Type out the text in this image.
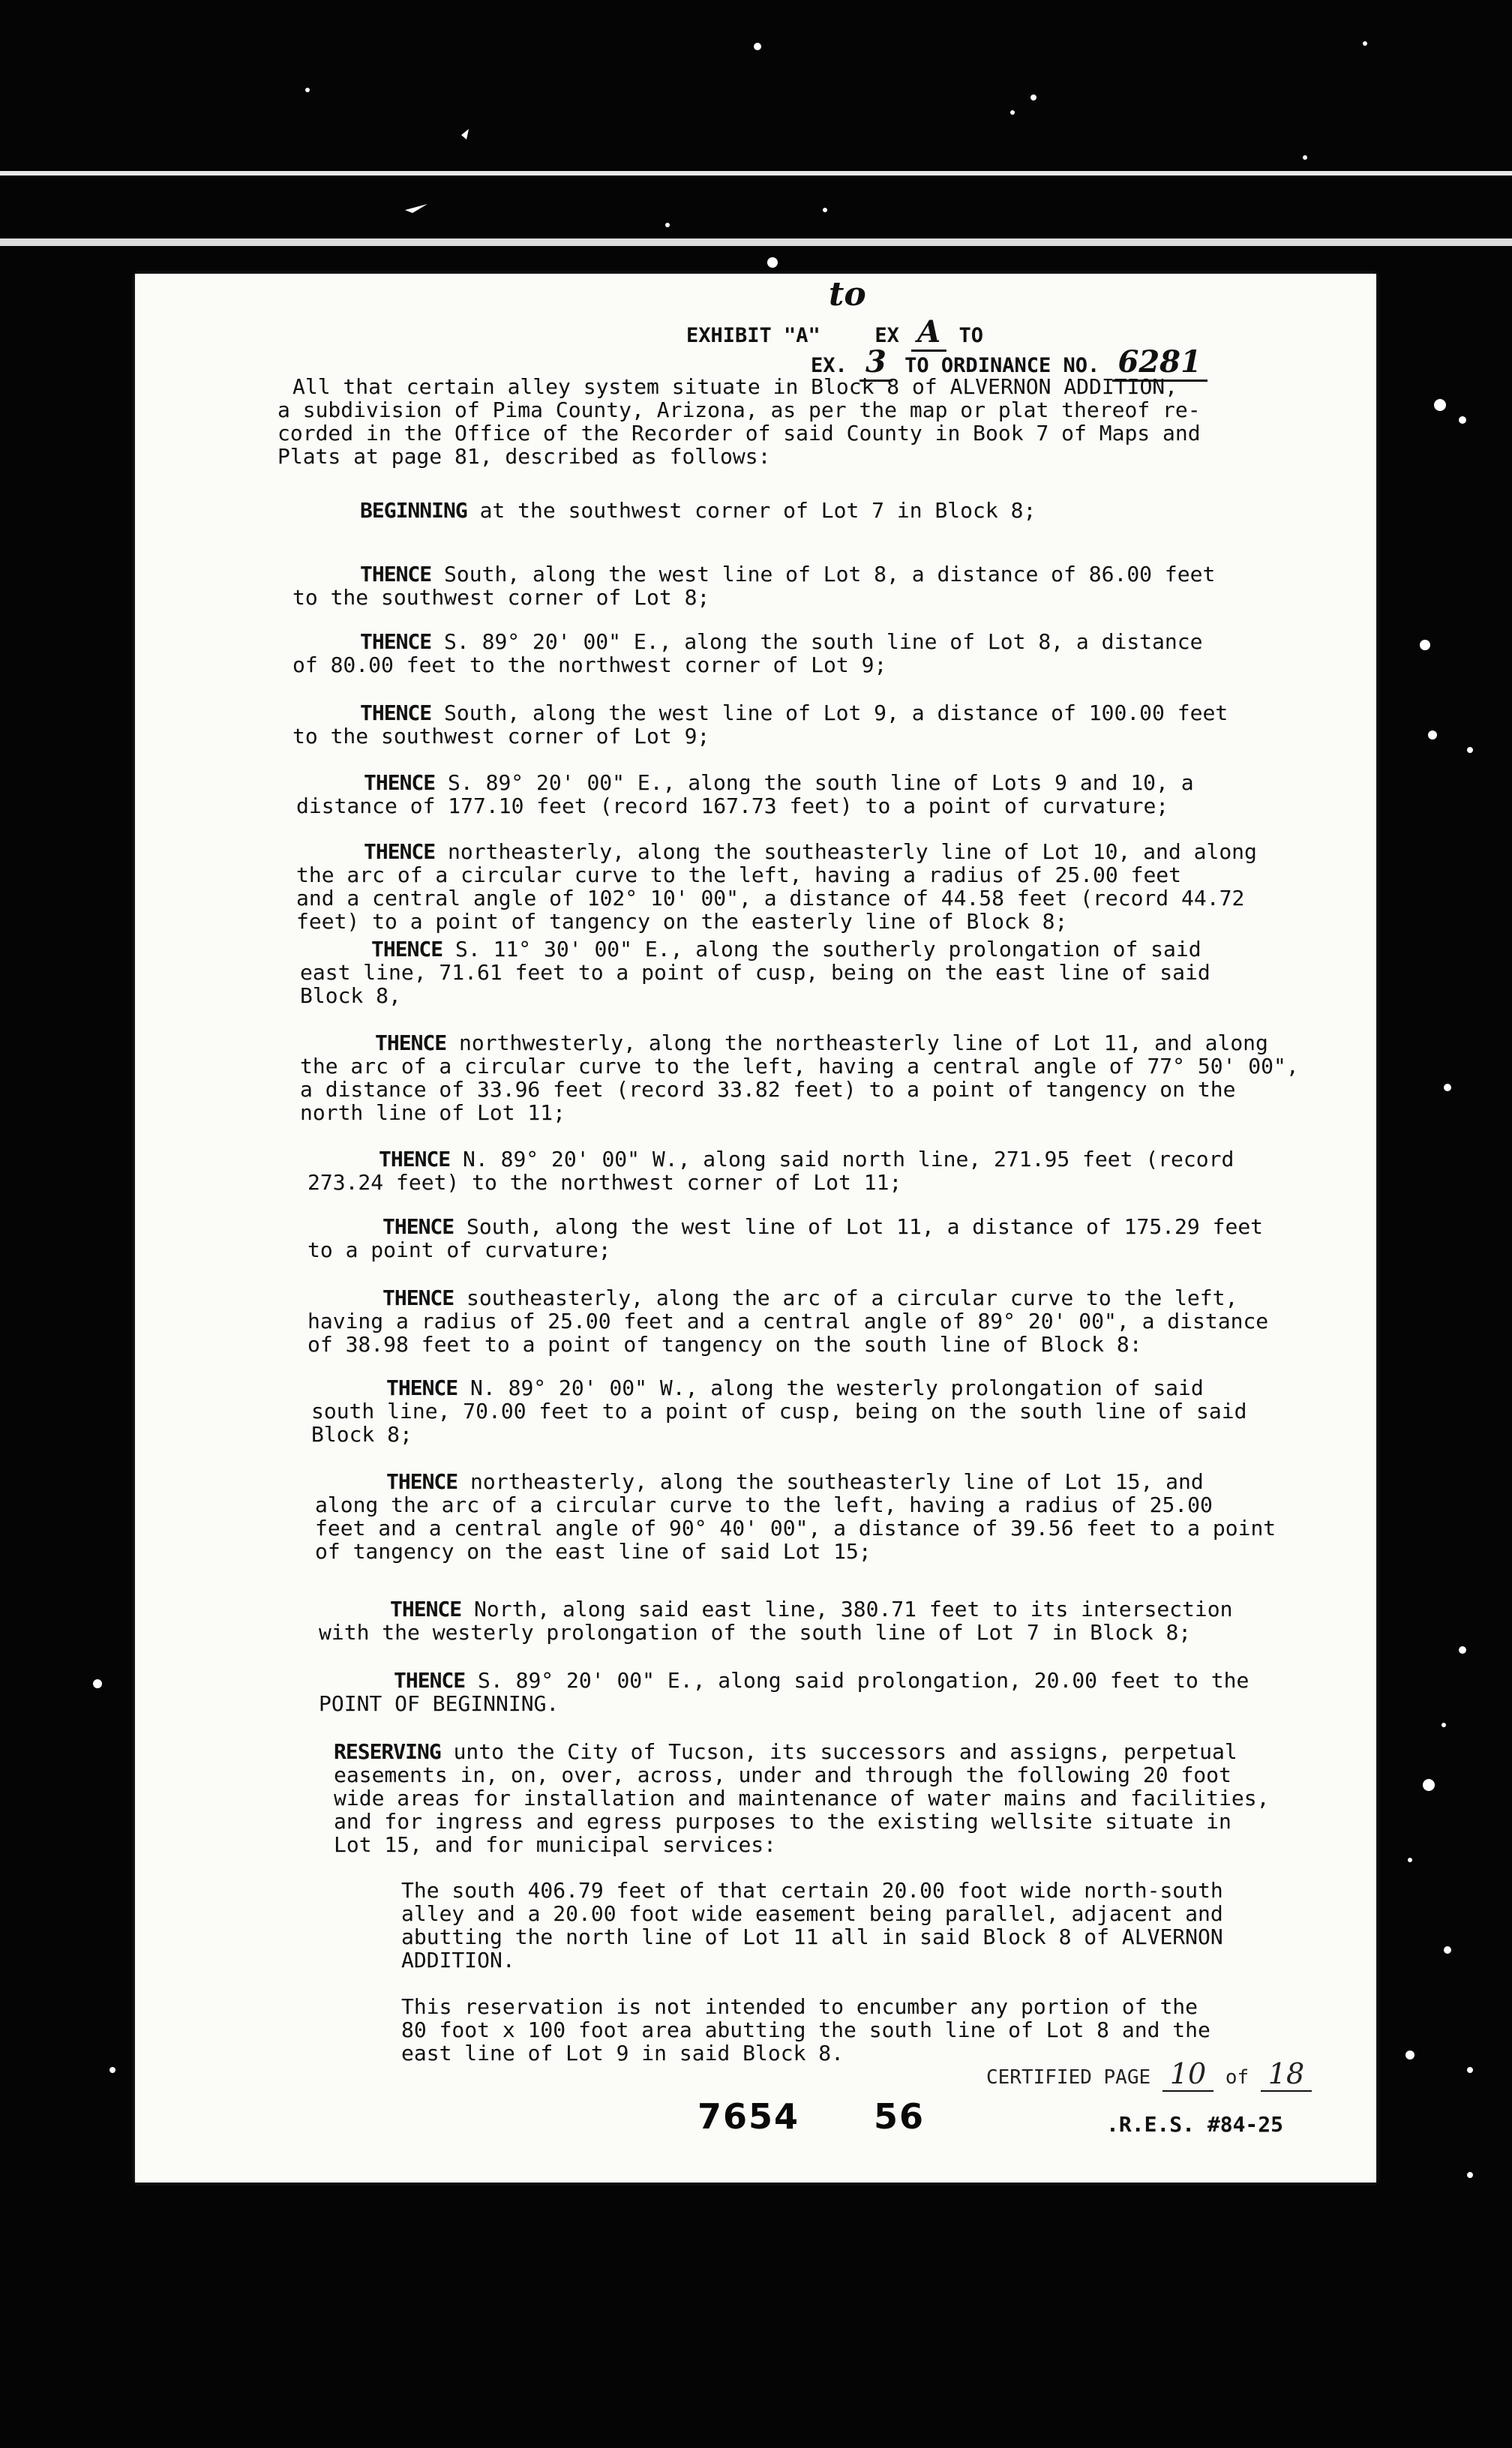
to
EXHIBIT "A"	EX A TO
EX. 3 TO ORDINANCE NO. 6281

All that certain alley system situate in Block 8 of ALVERNON ADDITION,

a subdivision of Pima County, Arizona, as per the map or plat thereof re-

corded in the Office of the Recorder of said County in Book 7 of Maps and

Plats at page 81, described as follows:

BEGINNING at the southwest corner of Lot 7 in Block 8;

THENCE South, along the west line of Lot 8, a distance of 86.00 feet

to the southwest corner of Lot 8;

THENCE S. 89° 20' 00" E., along the south line of Lot 8, a distance

of 80.00 feet to the northwest corner of Lot 9;

THENCE South, along the west line of Lot 9, a distance of 100.00 feet

to the southwest corner of Lot 9;

THENCE S. 89° 20' 00" E., along the south line of Lots 9 and 10, a

distance of 177.10 feet (record 167.73 feet) to a point of curvature;

THENCE northeasterly, along the southeasterly line of Lot 10, and along

the arc of a circular curve to the left, having a radius of 25.00 feet

and a central angle of 102° 10' 00", a distance of 44.58 feet (record 44.72

feet) to a point of tangency on the easterly line of Block 8;

THENCE S. 11° 30' 00" E., along the southerly prolongation of said

east line, 71.61 feet to a point of cusp, being on the east line of said

Block 8,

THENCE northwesterly, along the northeasterly line of Lot 11, and along

the arc of a circular curve to the left, having a central angle of 77° 50' 00",

a distance of 33.96 feet (record 33.82 feet) to a point of tangency on the

north line of Lot 11;

THENCE N. 89° 20' 00" W., along said north line, 271.95 feet (record

273.24 feet) to the northwest corner of Lot 11;

THENCE South, along the west line of Lot 11, a distance of 175.29 feet

to a point of curvature;

THENCE southeasterly, along the arc of a circular curve to the left,

having a radius of 25.00 feet and a central angle of 89° 20' 00", a distance

of 38.98 feet to a point of tangency on the south line of Block 8:

THENCE N. 89° 20' 00" W., along the westerly prolongation of said

south line, 70.00 feet to a point of cusp, being on the south line of said

Block 8;

THENCE northeasterly, along the southeasterly line of Lot 15, and

along the arc of a circular curve to the left, having a radius of 25.00

feet and a central angle of 90° 40' 00", a distance of 39.56 feet to a point

of tangency on the east line of said Lot 15;

THENCE North, along said east line, 380.71 feet to its intersection

with the westerly prolongation of the south line of Lot 7 in Block 8;

THENCE S. 89° 20' 00" E., along said prolongation, 20.00 feet to the

POINT OF BEGINNING.

RESERVING unto the City of Tucson, its successors and assigns, perpetual

easements in, on, over, across, under and through the following 20 foot

wide areas for installation and maintenance of water mains and facilities,

and for ingress and egress purposes to the existing wellsite situate in

Lot 15, and for municipal services:

The south 406.79 feet of that certain 20.00 foot wide north-south

alley and a 20.00 foot wide easement being parallel, adjacent and

abutting the north line of Lot 11 all in said Block 8 of ALVERNON

ADDITION.

This reservation is not intended to encumber any portion of the

80 foot x 100 foot area abutting the south line of Lot 8 and the

east line of Lot 9 in said Block 8.

CERTIFIED PAGE 10 of 18
7654 56	.R.E.S. #84-25
